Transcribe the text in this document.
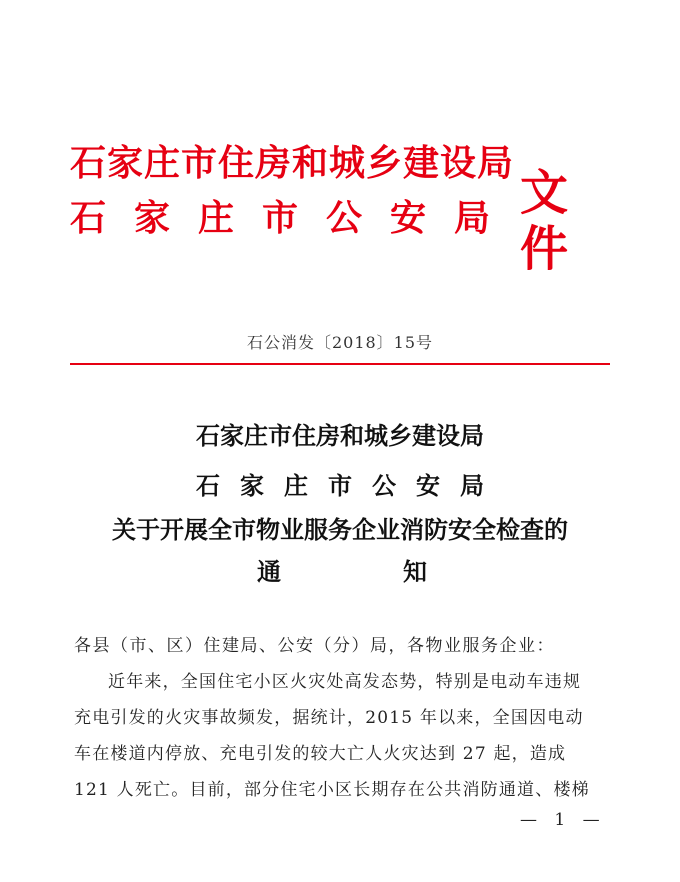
石家庄市住房和城乡建设局
石家庄市公安局 文件
石公消发〔2018〕15号
石家庄市住房和城乡建设局
石家庄市公安局
关于开展全市物业服务企业消防安全检查的
通	知
各县（市、区）住建局、公安（分）局，各物业服务企业：

近年来，全国住宅小区火灾处高发态势，特别是电动车违规

充电引发的火灾事故频发，据统计，2015 年以来，全国因电动

车在楼道内停放、充电引发的较大亡人火灾达到 27 起，造成

121 人死亡。目前，部分住宅小区长期存在公共消防通道、楼梯

— 1 —
